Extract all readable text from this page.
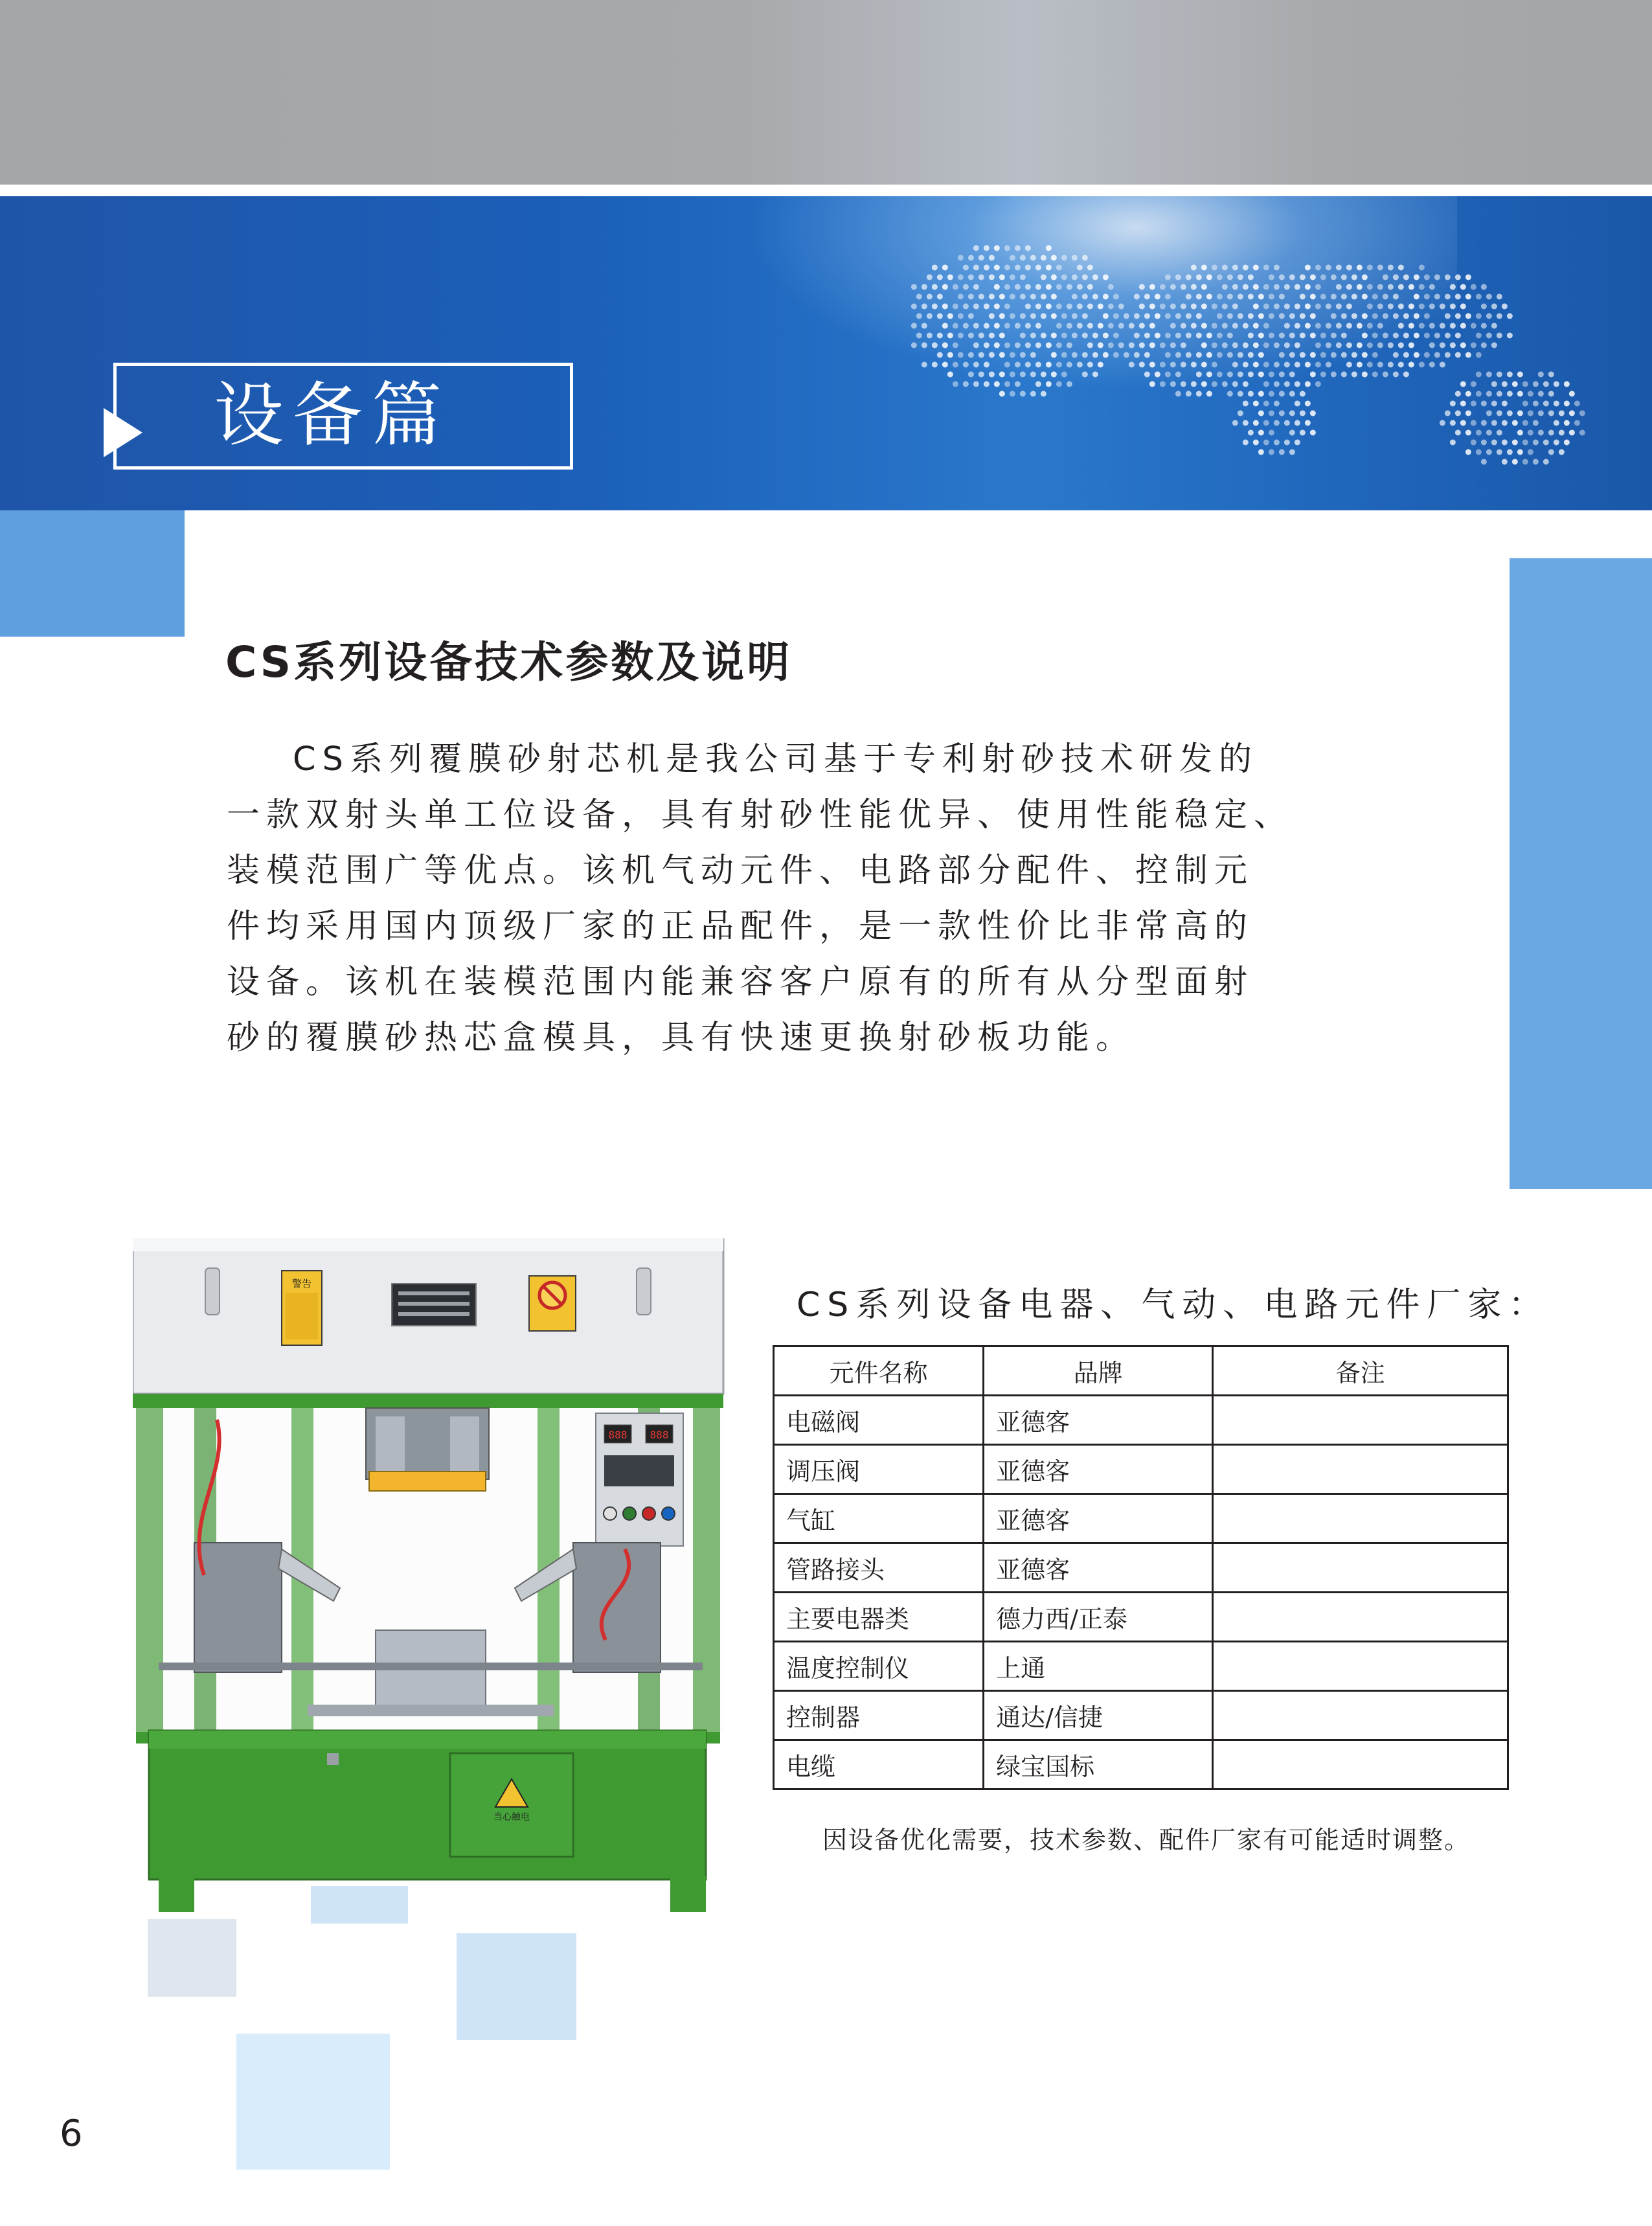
设备篇
CS系列设备技术参数及说明
CS系列覆膜砂射芯机是我公司基于专利射砂技术研发的
一款双射头单工位设备，具有射砂性能优异、使用性能稳定、
装模范围广等优点。该机气动元件、电路部分配件、控制元
件均采用国内顶级厂家的正品配件，是一款性价比非常高的
设备。该机在装模范围内能兼容客户原有的所有从分型面射
砂的覆膜砂热芯盒模具，具有快速更换射砂板功能。
警告
888 888
当心触电
CS系列设备电器、气动、电路元件厂家：
元件名称	品牌	备注
电磁阀	亚德客	
调压阀	亚德客	
气缸	亚德客	
管路接头	亚德客	
主要电器类	德力西/正泰	
温度控制仪	上通	
控制器	通达/信捷	
电缆	绿宝国标	
因设备优化需要，技术参数、配件厂家有可能适时调整。
6
